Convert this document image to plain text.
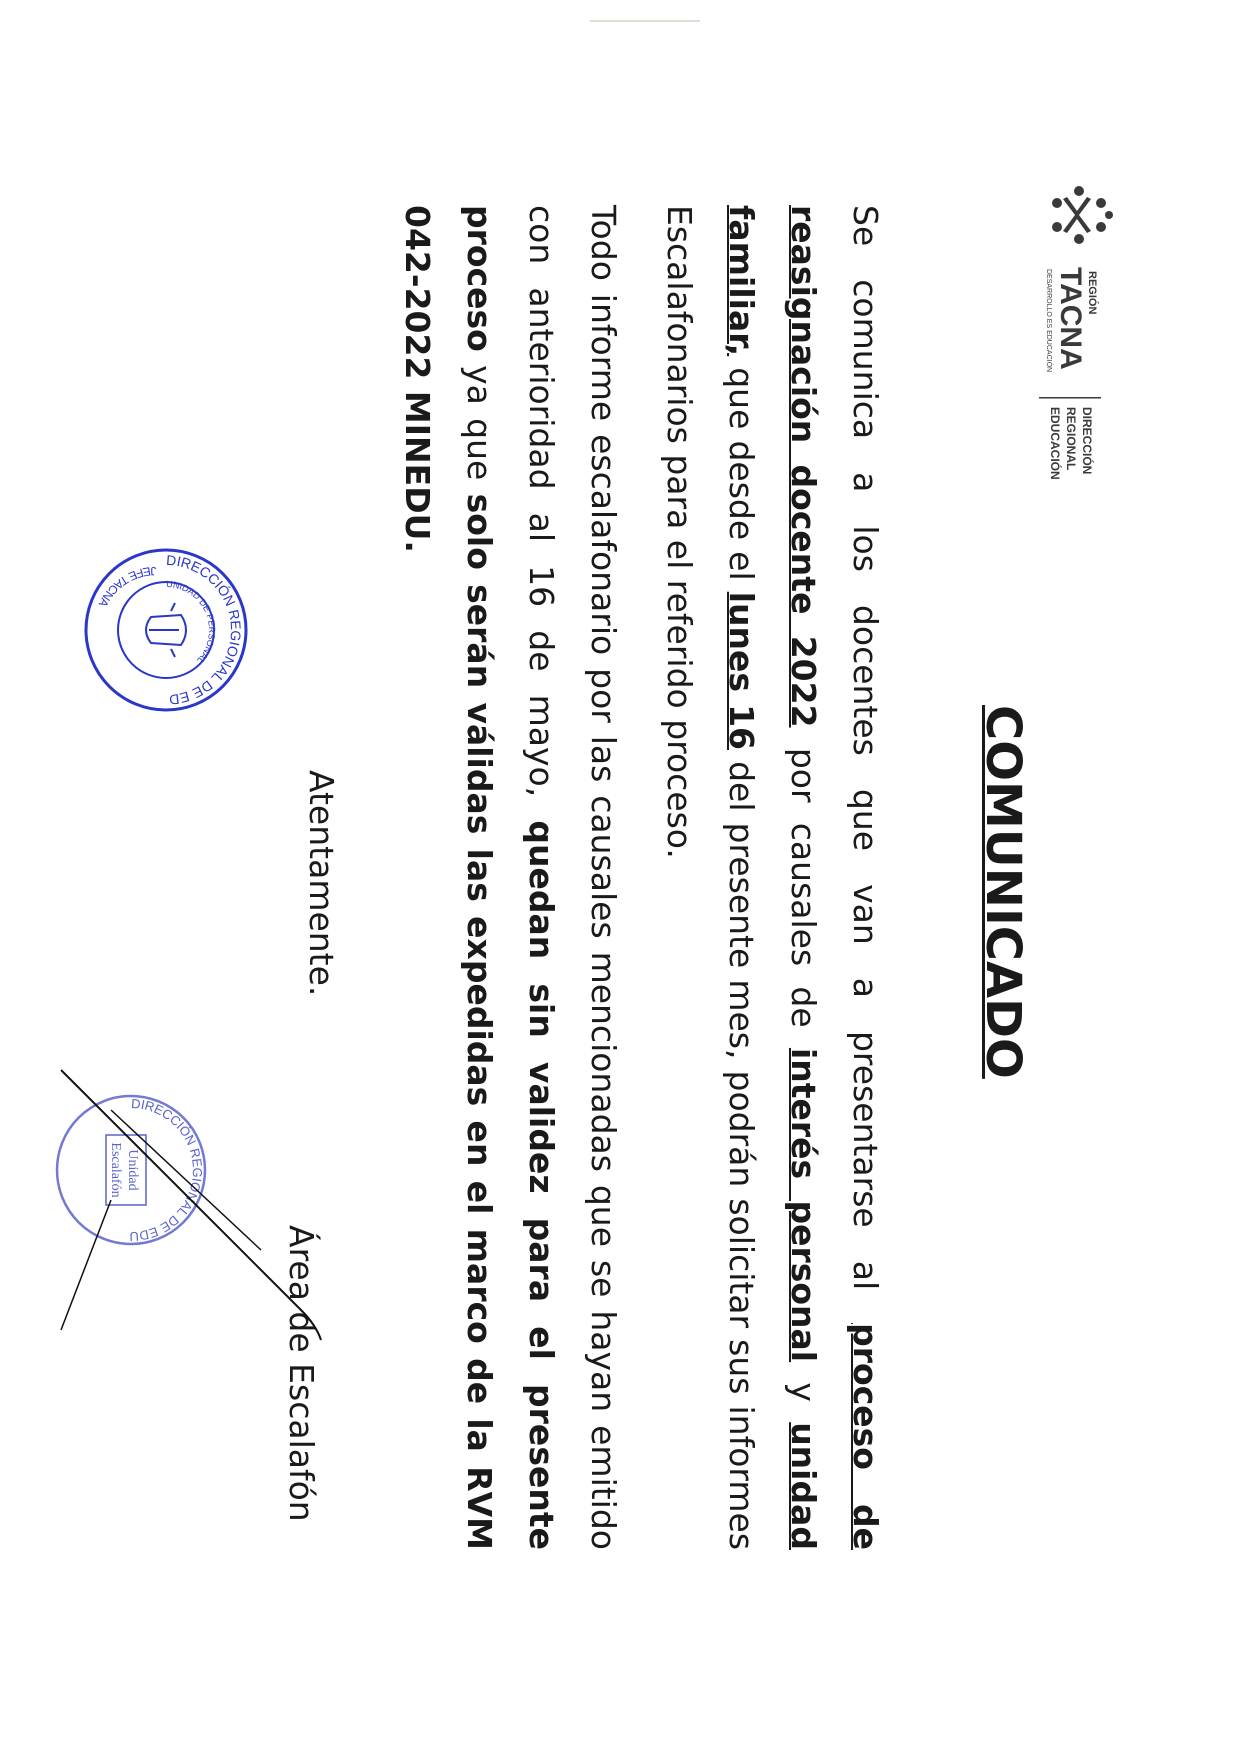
REGIÓN
TACNA
DESARROLLO ES EDUCACIÓN
DIRECCIÓN
REGIONAL
EDUCACIÓN
COMUNICADO

Se comunica a los docentes que van a presentarse al proceso de reasignación docente 2022 por causales de interés personal y unidad familiar, que desde el lunes 16 del presente mes, podrán solicitar sus informes Escalafonarios para el referido proceso.

Todo informe escalafonario por las causales mencionadas que se hayan emitido con anterioridad al 16 de mayo, quedan sin validez para el presente proceso ya que solo serán válidas las expedidas en el marco de la RVM 042-2022 MINEDU.

Atentamente.

Área de Escalafón

DIRECCIÓN REGIONAL DE ED
UNIDAD DE PERSONAL
JEFE TACNA
DIRECCIÓN REGIONAL DE EDU
Unidad
Escalafón
